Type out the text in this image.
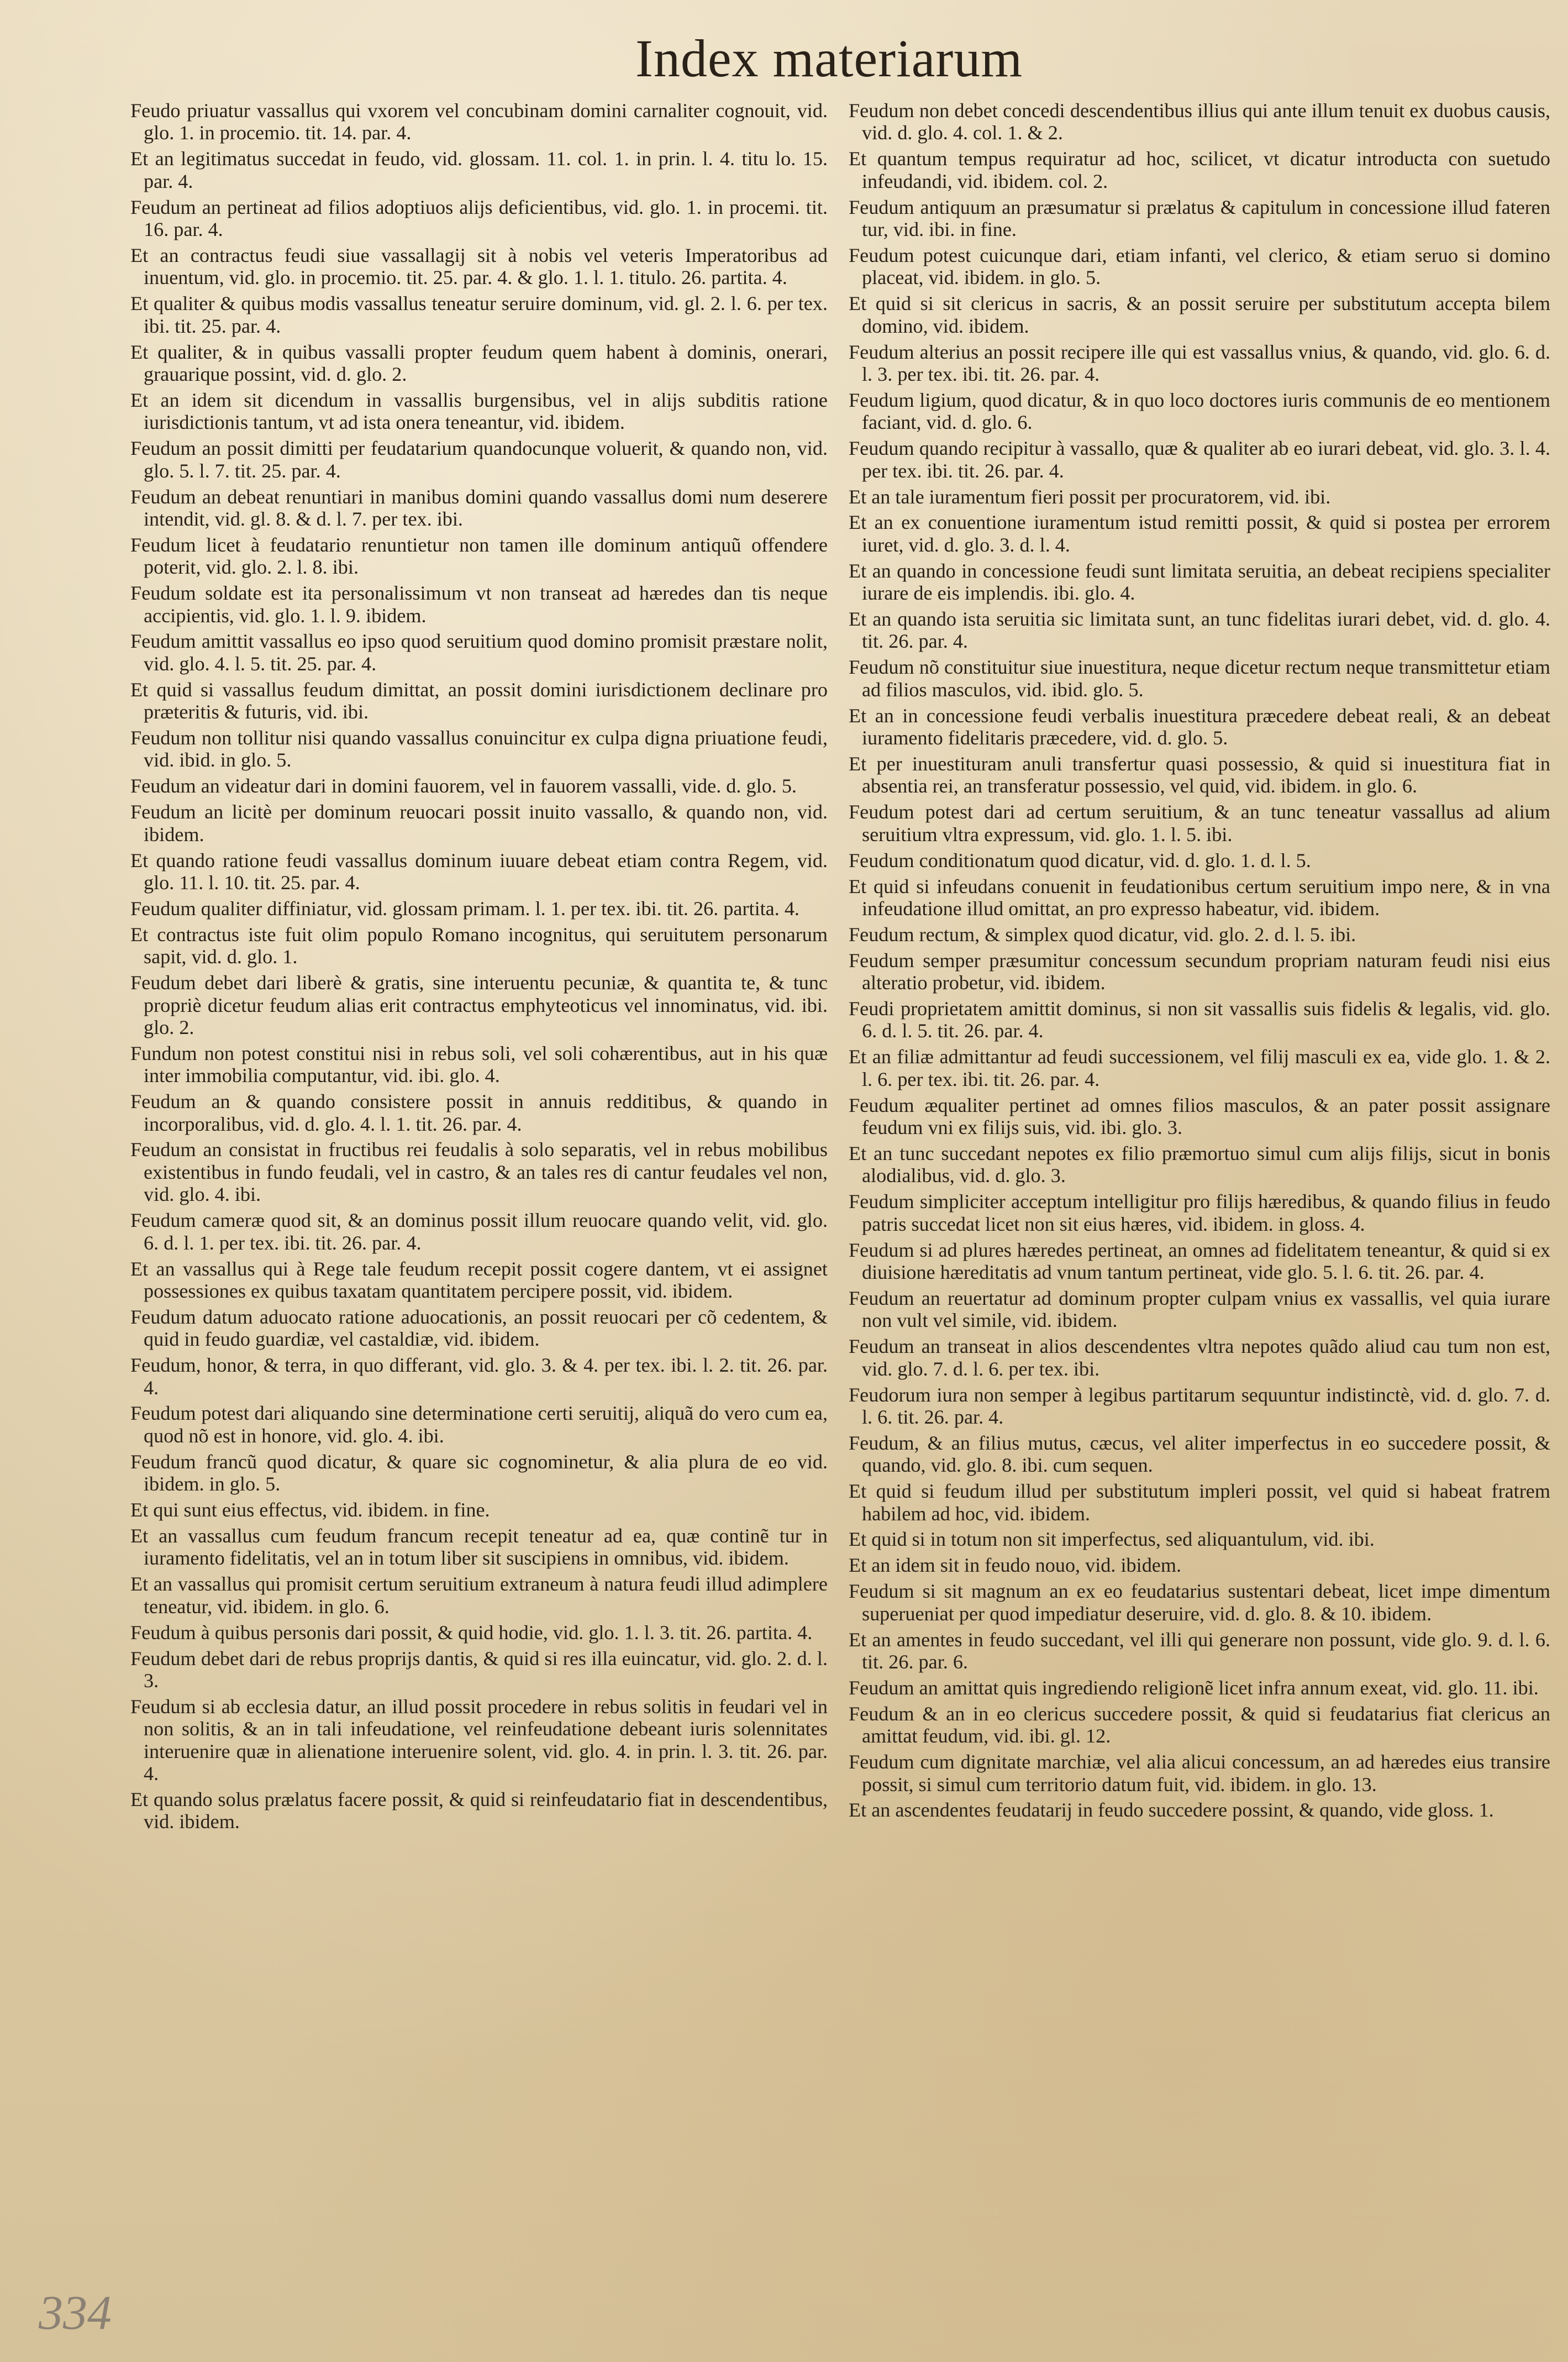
Index materiarum

Feudo priuatur vassallus qui vxorem vel concubinam domini carnaliter cognouit, vid. glo. 1. in procemio. tit. 14. par. 4.

Et an legitimatus succedat in feudo, vid. glossam. 11. col. 1. in prin. l. 4. titu lo. 15. par. 4.

Feudum an pertineat ad filios adoptiuos alijs deficientibus, vid. glo. 1. in procemi. tit. 16. par. 4.

Et an contractus feudi siue vassallagij sit à nobis vel veteris Imperatoribus ad inuentum, vid. glo. in procemio. tit. 25. par. 4. & glo. 1. l. 1. titulo. 26. partita. 4.

Et qualiter & quibus modis vassallus teneatur seruire dominum, vid. gl. 2. l. 6. per tex. ibi. tit. 25. par. 4.

Et qualiter, & in quibus vassalli propter feudum quem habent à dominis, onerari, grauarique possint, vid. d. glo. 2.

Et an idem sit dicendum in vassallis burgensibus, vel in alijs subditis ratione iurisdictionis tantum, vt ad ista onera teneantur, vid. ibidem.

Feudum an possit dimitti per feudatarium quandocunque voluerit, & quando non, vid. glo. 5. l. 7. tit. 25. par. 4.

Feudum an debeat renuntiari in manibus domini quando vassallus domi num deserere intendit, vid. gl. 8. & d. l. 7. per tex. ibi.

Feudum licet à feudatario renuntietur non tamen ille dominum antiquũ offendere poterit, vid. glo. 2. l. 8. ibi.

Feudum soldate est ita personalissimum vt non transeat ad hæredes dan tis neque accipientis, vid. glo. 1. l. 9. ibidem.

Feudum amittit vassallus eo ipso quod seruitium quod domino promisit præstare nolit, vid. glo. 4. l. 5. tit. 25. par. 4.

Et quid si vassallus feudum dimittat, an possit domini iurisdictionem declinare pro præteritis & futuris, vid. ibi.

Feudum non tollitur nisi quando vassallus conuincitur ex culpa digna priuatione feudi, vid. ibid. in glo. 5.

Feudum an videatur dari in domini fauorem, vel in fauorem vassalli, vide. d. glo. 5.

Feudum an licitè per dominum reuocari possit inuito vassallo, & quando non, vid. ibidem.

Et quando ratione feudi vassallus dominum iuuare debeat etiam contra Regem, vid. glo. 11. l. 10. tit. 25. par. 4.

Feudum qualiter diffiniatur, vid. glossam primam. l. 1. per tex. ibi. tit. 26. partita. 4.

Et contractus iste fuit olim populo Romano incognitus, qui seruitutem personarum sapit, vid. d. glo. 1.

Feudum debet dari liberè & gratis, sine interuentu pecuniæ, & quantita te, & tunc propriè dicetur feudum alias erit contractus emphyteoticus vel innominatus, vid. ibi. glo. 2.

Fundum non potest constitui nisi in rebus soli, vel soli cohærentibus, aut in his quæ inter immobilia computantur, vid. ibi. glo. 4.

Feudum an & quando consistere possit in annuis redditibus, & quando in incorporalibus, vid. d. glo. 4. l. 1. tit. 26. par. 4.

Feudum an consistat in fructibus rei feudalis à solo separatis, vel in rebus mobilibus existentibus in fundo feudali, vel in castro, & an tales res di cantur feudales vel non, vid. glo. 4. ibi.

Feudum cameræ quod sit, & an dominus possit illum reuocare quando velit, vid. glo. 6. d. l. 1. per tex. ibi. tit. 26. par. 4.

Et an vassallus qui à Rege tale feudum recepit possit cogere dantem, vt ei assignet possessiones ex quibus taxatam quantitatem percipere possit, vid. ibidem.

Feudum datum aduocato ratione aduocationis, an possit reuocari per cõ cedentem, & quid in feudo guardiæ, vel castaldiæ, vid. ibidem.

Feudum, honor, & terra, in quo differant, vid. glo. 3. & 4. per tex. ibi. l. 2. tit. 26. par. 4.

Feudum potest dari aliquando sine determinatione certi seruitij, aliquã do vero cum ea, quod nõ est in honore, vid. glo. 4. ibi.

Feudum francũ quod dicatur, & quare sic cognominetur, & alia plura de eo vid. ibidem. in glo. 5.

Et qui sunt eius effectus, vid. ibidem. in fine.

Et an vassallus cum feudum francum recepit teneatur ad ea, quæ continẽ tur in iuramento fidelitatis, vel an in totum liber sit suscipiens in omnibus, vid. ibidem.

Et an vassallus qui promisit certum seruitium extraneum à natura feudi illud adimplere teneatur, vid. ibidem. in glo. 6.

Feudum à quibus personis dari possit, & quid hodie, vid. glo. 1. l. 3. tit. 26. partita. 4.

Feudum debet dari de rebus proprijs dantis, & quid si res illa euincatur, vid. glo. 2. d. l. 3.

Feudum si ab ecclesia datur, an illud possit procedere in rebus solitis in feudari vel in non solitis, & an in tali infeudatione, vel reinfeudatione debeant iuris solennitates interuenire quæ in alienatione interuenire solent, vid. glo. 4. in prin. l. 3. tit. 26. par. 4.

Et quando solus prælatus facere possit, & quid si reinfeudatario fiat in descendentibus, vid. ibidem.

Feudum non debet concedi descendentibus illius qui ante illum tenuit ex duobus causis, vid. d. glo. 4. col. 1. & 2.

Et quantum tempus requiratur ad hoc, scilicet, vt dicatur introducta con suetudo infeudandi, vid. ibidem. col. 2.

Feudum antiquum an præsumatur si prælatus & capitulum in concessione illud fateren tur, vid. ibi. in fine.

Feudum potest cuicunque dari, etiam infanti, vel clerico, & etiam seruo si domino placeat, vid. ibidem. in glo. 5.

Et quid si sit clericus in sacris, & an possit seruire per substitutum accepta bilem domino, vid. ibidem.

Feudum alterius an possit recipere ille qui est vassallus vnius, & quando, vid. glo. 6. d. l. 3. per tex. ibi. tit. 26. par. 4.

Feudum ligium, quod dicatur, & in quo loco doctores iuris communis de eo mentionem faciant, vid. d. glo. 6.

Feudum quando recipitur à vassallo, quæ & qualiter ab eo iurari debeat, vid. glo. 3. l. 4. per tex. ibi. tit. 26. par. 4.

Et an tale iuramentum fieri possit per procuratorem, vid. ibi.

Et an ex conuentione iuramentum istud remitti possit, & quid si postea per errorem iuret, vid. d. glo. 3. d. l. 4.

Et an quando in concessione feudi sunt limitata seruitia, an debeat recipiens specialiter iurare de eis implendis. ibi. glo. 4.

Et an quando ista seruitia sic limitata sunt, an tunc fidelitas iurari debet, vid. d. glo. 4. tit. 26. par. 4.

Feudum nõ constituitur siue inuestitura, neque dicetur rectum neque transmittetur etiam ad filios masculos, vid. ibid. glo. 5.

Et an in concessione feudi verbalis inuestitura præcedere debeat reali, & an debeat iuramento fidelitaris præcedere, vid. d. glo. 5.

Et per inuestituram anuli transfertur quasi possessio, & quid si inuestitura fiat in absentia rei, an transferatur possessio, vel quid, vid. ibidem. in glo. 6.

Feudum potest dari ad certum seruitium, & an tunc teneatur vassallus ad alium seruitium vltra expressum, vid. glo. 1. l. 5. ibi.

Feudum conditionatum quod dicatur, vid. d. glo. 1. d. l. 5.

Et quid si infeudans conuenit in feudationibus certum seruitium impo nere, & in vna infeudatione illud omittat, an pro expresso habeatur, vid. ibidem.

Feudum rectum, & simplex quod dicatur, vid. glo. 2. d. l. 5. ibi.

Feudum semper præsumitur concessum secundum propriam naturam feudi nisi eius alteratio probetur, vid. ibidem.

Feudi proprietatem amittit dominus, si non sit vassallis suis fidelis & legalis, vid. glo. 6. d. l. 5. tit. 26. par. 4.

Et an filiæ admittantur ad feudi successionem, vel filij masculi ex ea, vide glo. 1. & 2. l. 6. per tex. ibi. tit. 26. par. 4.

Feudum æqualiter pertinet ad omnes filios masculos, & an pater possit assignare feudum vni ex filijs suis, vid. ibi. glo. 3.

Et an tunc succedant nepotes ex filio præmortuo simul cum alijs filijs, sicut in bonis alodialibus, vid. d. glo. 3.

Feudum simpliciter acceptum intelligitur pro filijs hæredibus, & quando filius in feudo patris succedat licet non sit eius hæres, vid. ibidem. in gloss. 4.

Feudum si ad plures hæredes pertineat, an omnes ad fidelitatem teneantur, & quid si ex diuisione hæreditatis ad vnum tantum pertineat, vide glo. 5. l. 6. tit. 26. par. 4.

Feudum an reuertatur ad dominum propter culpam vnius ex vassallis, vel quia iurare non vult vel simile, vid. ibidem.

Feudum an transeat in alios descendentes vltra nepotes quãdo aliud cau tum non est, vid. glo. 7. d. l. 6. per tex. ibi.

Feudorum iura non semper à legibus partitarum sequuntur indistinctè, vid. d. glo. 7. d. l. 6. tit. 26. par. 4.

Feudum, & an filius mutus, cæcus, vel aliter imperfectus in eo succedere possit, & quando, vid. glo. 8. ibi. cum sequen.

Et quid si feudum illud per substitutum impleri possit, vel quid si habeat fratrem habilem ad hoc, vid. ibidem.

Et quid si in totum non sit imperfectus, sed aliquantulum, vid. ibi.

Et an idem sit in feudo nouo, vid. ibidem.

Feudum si sit magnum an ex eo feudatarius sustentari debeat, licet impe dimentum superueniat per quod impediatur deseruire, vid. d. glo. 8. & 10. ibidem.

Et an amentes in feudo succedant, vel illi qui generare non possunt, vide glo. 9. d. l. 6. tit. 26. par. 6.

Feudum an amittat quis ingrediendo religionẽ licet infra annum exeat, vid. glo. 11. ibi.

Feudum & an in eo clericus succedere possit, & quid si feudatarius fiat clericus an amittat feudum, vid. ibi. gl. 12.

Feudum cum dignitate marchiæ, vel alia alicui concessum, an ad hæredes eius transire possit, si simul cum territorio datum fuit, vid. ibidem. in glo. 13.

Et an ascendentes feudatarij in feudo succedere possint, & quando, vide gloss. 1.

334
